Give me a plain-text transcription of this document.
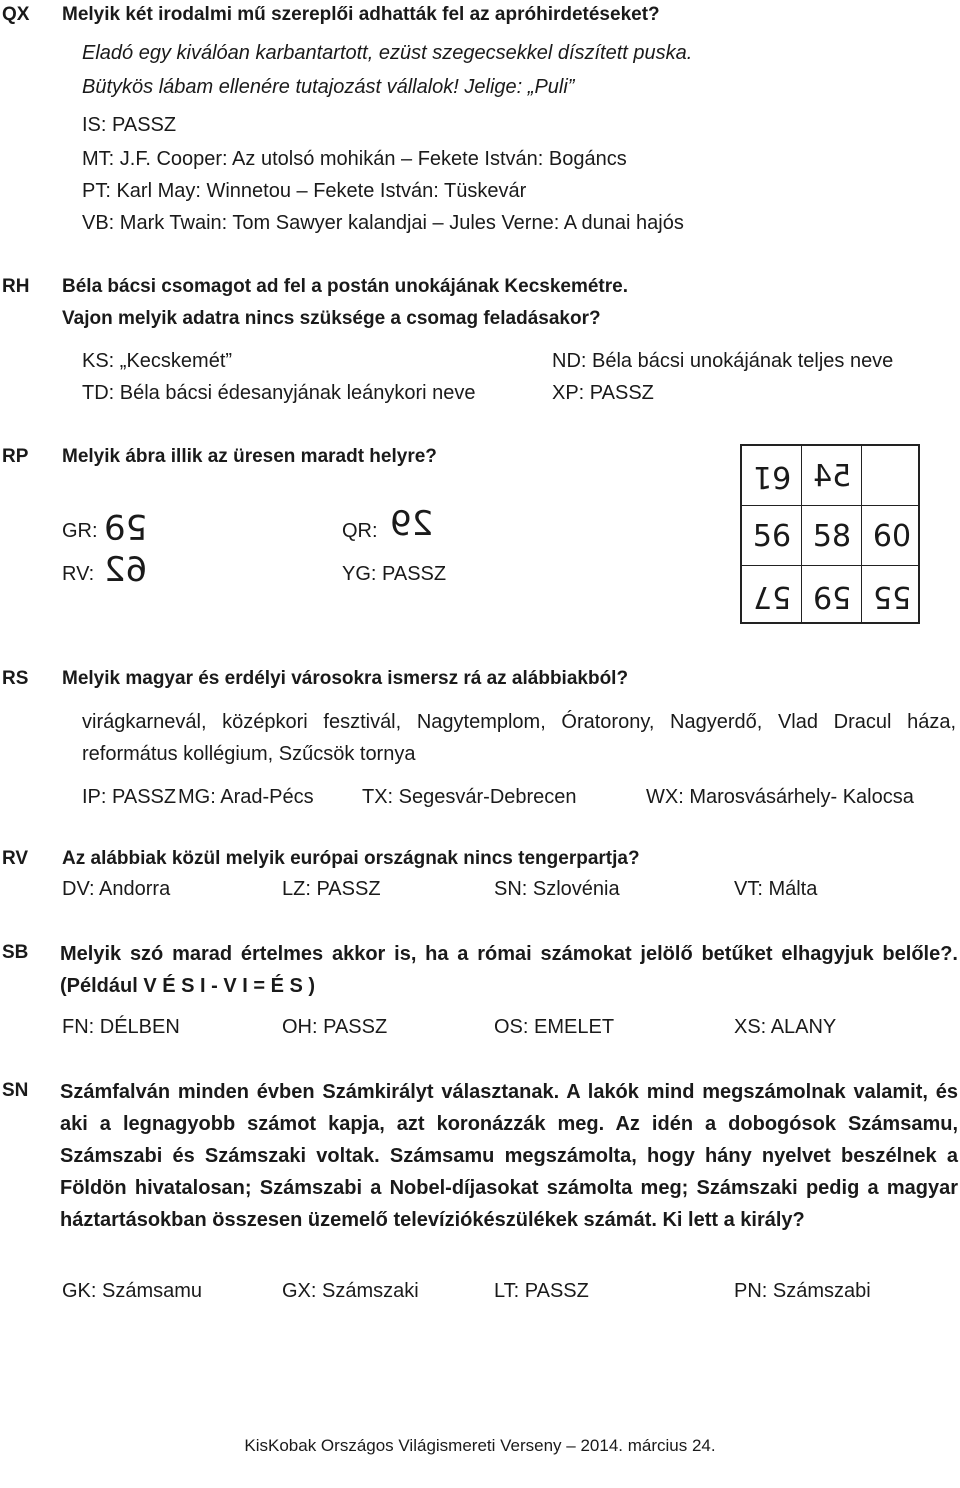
QX Melyik két irodalmi mű szereplői adhatták fel az apróhirdetéseket?
Eladó egy kiválóan karbantartott, ezüst szegecsekkel díszített puska.
Bütykös lábam ellenére tutajozást vállalok! Jelige: „Puli”
IS: PASSZ
MT: J.F. Cooper: Az utolsó mohikán – Fekete István: Bogáncs
PT: Karl May: Winnetou – Fekete István: Tüskevár
VB: Mark Twain: Tom Sawyer kalandjai – Jules Verne: A dunai hajós
RH Béla bácsi csomagot ad fel a postán unokájának Kecskemétre.
Vajon melyik adatra nincs szüksége a csomag feladásakor?
KS: „Kecskemét”	ND: Béla bácsi unokájának teljes neve
TD: Béla bácsi édesanyjának leánykori neve	XP: PASSZ
RP Melyik ábra illik az üresen maradt helyre?
GR: 59	QR: 29
RV: 62	YG: PASSZ
61 54
56 58 60
57 59 55
RS Melyik magyar és erdélyi városokra ismersz rá az alábbiakból?
virágkarnevál, középkori fesztivál, Nagytemplom, Óratorony, Nagyerdő, Vlad Dracul háza, református kollégium, Szűcsök tornya
IP: PASSZ MG: Arad-Pécs TX: Segesvár-Debrecen	WX: Marosvásárhely- Kalocsa
RV Az alábbiak közül melyik európai országnak nincs tengerpartja?
DV: Andorra	LZ: PASSZ	SN: Szlovénia	VT: Málta
SB Melyik szó marad értelmes akkor is, ha a római számokat jelölő betűket elhagyjuk belőle?. (Például V É S I - V I = É S )
FN: DÉLBEN	OH: PASSZ	OS: EMELET	XS: ALANY
SN Számfalván minden évben Számkirályt választanak. A lakók mind megszámolnak valamit, és aki a legnagyobb számot kapja, azt koronázzák meg. Az idén a dobogósok Számsamu, Számszabi és Számszaki voltak. Számsamu megszámolta, hogy hány nyelvet beszélnek a Földön hivatalosan; Számszabi a Nobel-díjasokat számolta meg; Számszaki pedig a magyar háztartásokban összesen üzemelő televíziókészülékek számát. Ki lett a király?
GK: Számsamu	GX: Számszaki	LT: PASSZ	PN: Számszabi
KisKobak Országos Világismereti Verseny – 2014. március 24.
